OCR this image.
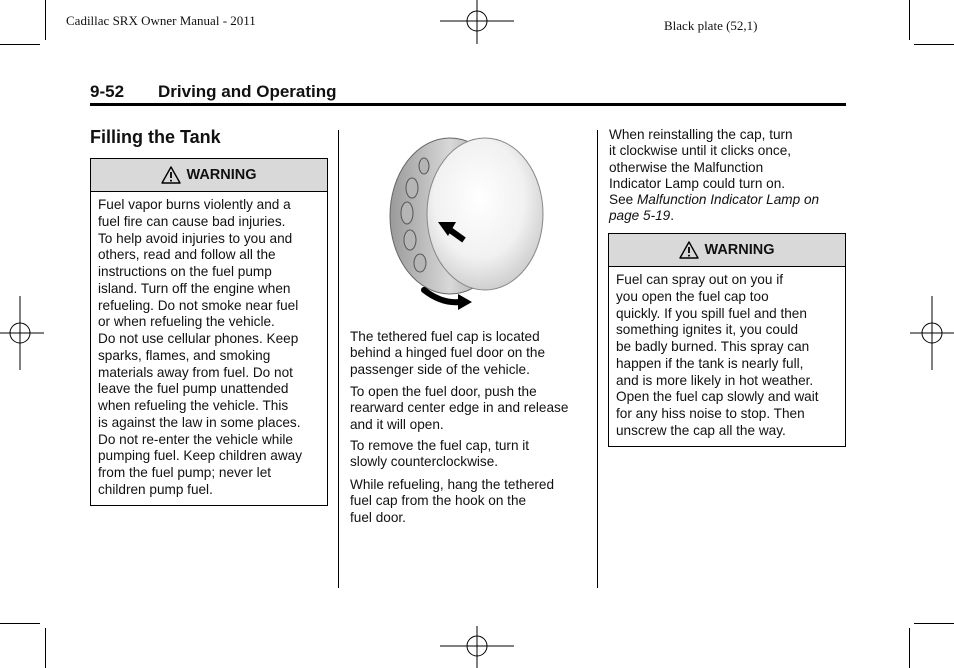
Cadillac SRX Owner Manual - 2011	Black plate (52,1)
9-52 Driving and Operating
Filling the Tank
WARNING
Fuel vapor burns violently and a
fuel fire can cause bad injuries.
To help avoid injuries to you and
others, read and follow all the
instructions on the fuel pump
island. Turn off the engine when
refueling. Do not smoke near fuel
or when refueling the vehicle.
Do not use cellular phones. Keep
sparks, flames, and smoking
materials away from fuel. Do not
leave the fuel pump unattended
when refueling the vehicle. This
is against the law in some places.
Do not re-enter the vehicle while
pumping fuel. Keep children away
from the fuel pump; never let
children pump fuel.
The tethered fuel cap is located
behind a hinged fuel door on the
passenger side of the vehicle.
To open the fuel door, push the
rearward center edge in and release
and it will open.
To remove the fuel cap, turn it
slowly counterclockwise.
While refueling, hang the tethered
fuel cap from the hook on the
fuel door.
When reinstalling the cap, turn
it clockwise until it clicks once,
otherwise the Malfunction
Indicator Lamp could turn on.
See Malfunction Indicator Lamp on
page 5-19.
WARNING
Fuel can spray out on you if
you open the fuel cap too
quickly. If you spill fuel and then
something ignites it, you could
be badly burned. This spray can
happen if the tank is nearly full,
and is more likely in hot weather.
Open the fuel cap slowly and wait
for any hiss noise to stop. Then
unscrew the cap all the way.
